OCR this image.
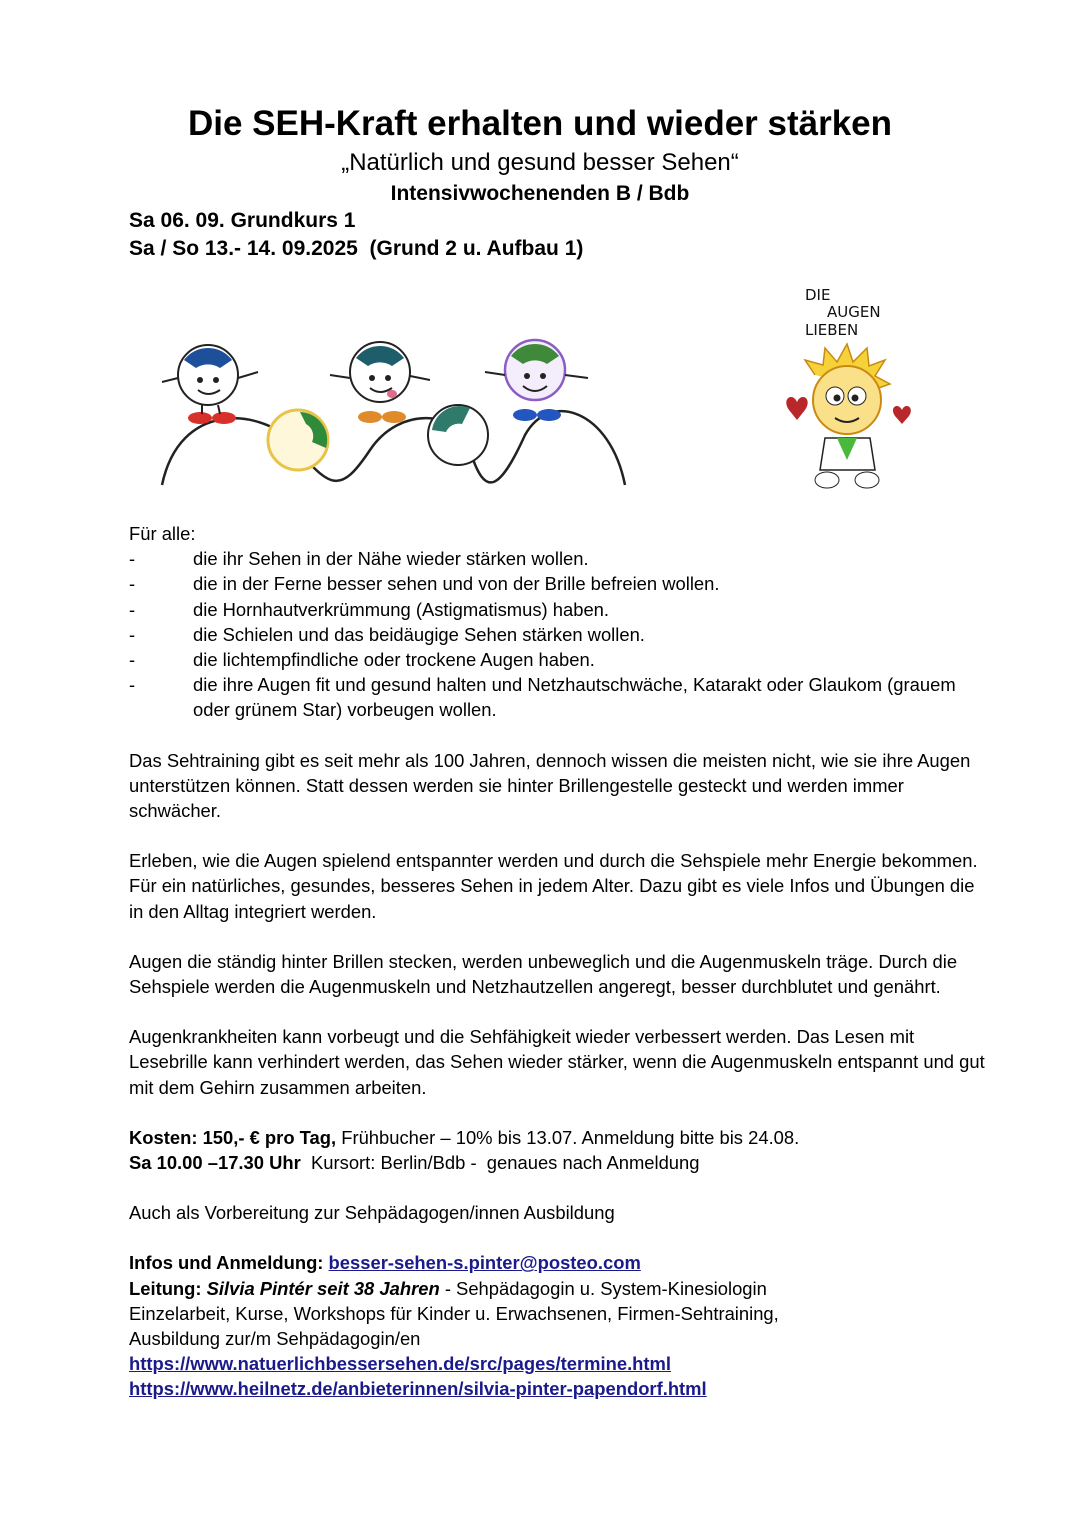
Die SEH-Kraft erhalten und wieder stärken
„Natürlich und gesund besser Sehen“
Intensivwochenenden B / Bdb
Sa 06. 09. Grundkurs 1
Sa / So 13.- 14. 09.2025  (Grund 2 u. Aufbau 1)
DIE
AUGEN
LIEBEN

Für alle:

-	die ihr Sehen in der Nähe wieder stärken wollen.
-	die in der Ferne besser sehen und von der Brille befreien wollen.
-	die Hornhautverkrümmung (Astigmatismus) haben.
-	die Schielen und das beidäugige Sehen stärken wollen.
-	die lichtempfindliche oder trockene Augen haben.
-	die ihre Augen fit und gesund halten und Netzhautschwäche, Katarakt oder Glaukom (grauem oder grünem Star) vorbeugen wollen.

Das Sehtraining gibt es seit mehr als 100 Jahren, dennoch wissen die meisten nicht, wie sie ihre Augen unterstützen können. Statt dessen werden sie hinter Brillengestelle gesteckt und werden immer schwächer.

Erleben, wie die Augen spielend entspannter werden und durch die Sehspiele mehr Energie bekommen. Für ein natürliches, gesundes, besseres Sehen in jedem Alter. Dazu gibt es viele Infos und Übungen die in den Alltag integriert werden.

Augen die ständig hinter Brillen stecken, werden unbeweglich und die Augenmuskeln träge. Durch die Sehspiele werden die Augenmuskeln und Netzhautzellen angeregt, besser durchblutet und genährt.

Augenkrankheiten kann vorbeugt und die Sehfähigkeit wieder verbessert werden. Das Lesen mit Lesebrille kann verhindert werden, das Sehen wieder stärker, wenn die Augenmuskeln entspannt und gut mit dem Gehirn zusammen arbeiten.

Kosten: 150,- € pro Tag, Frühbucher – 10% bis 13.07. Anmeldung bitte bis 24.08.

Sa 10.00 –17.30 Uhr  Kursort: Berlin/Bdb -  genaues nach Anmeldung

Auch als Vorbereitung zur Sehpädagogen/innen Ausbildung

Infos und Anmeldung: besser-sehen-s.pinter@posteo.com

Leitung: Silvia Pintér seit 38 Jahren - Sehpädagogin u. System-Kinesiologin

Einzelarbeit, Kurse, Workshops für Kinder u. Erwachsenen, Firmen-Sehtraining,

Ausbildung zur/m Sehpädagogin/en

https://www.natuerlichbessersehen.de/src/pages/termine.html

https://www.heilnetz.de/anbieterinnen/silvia-pinter-papendorf.html
